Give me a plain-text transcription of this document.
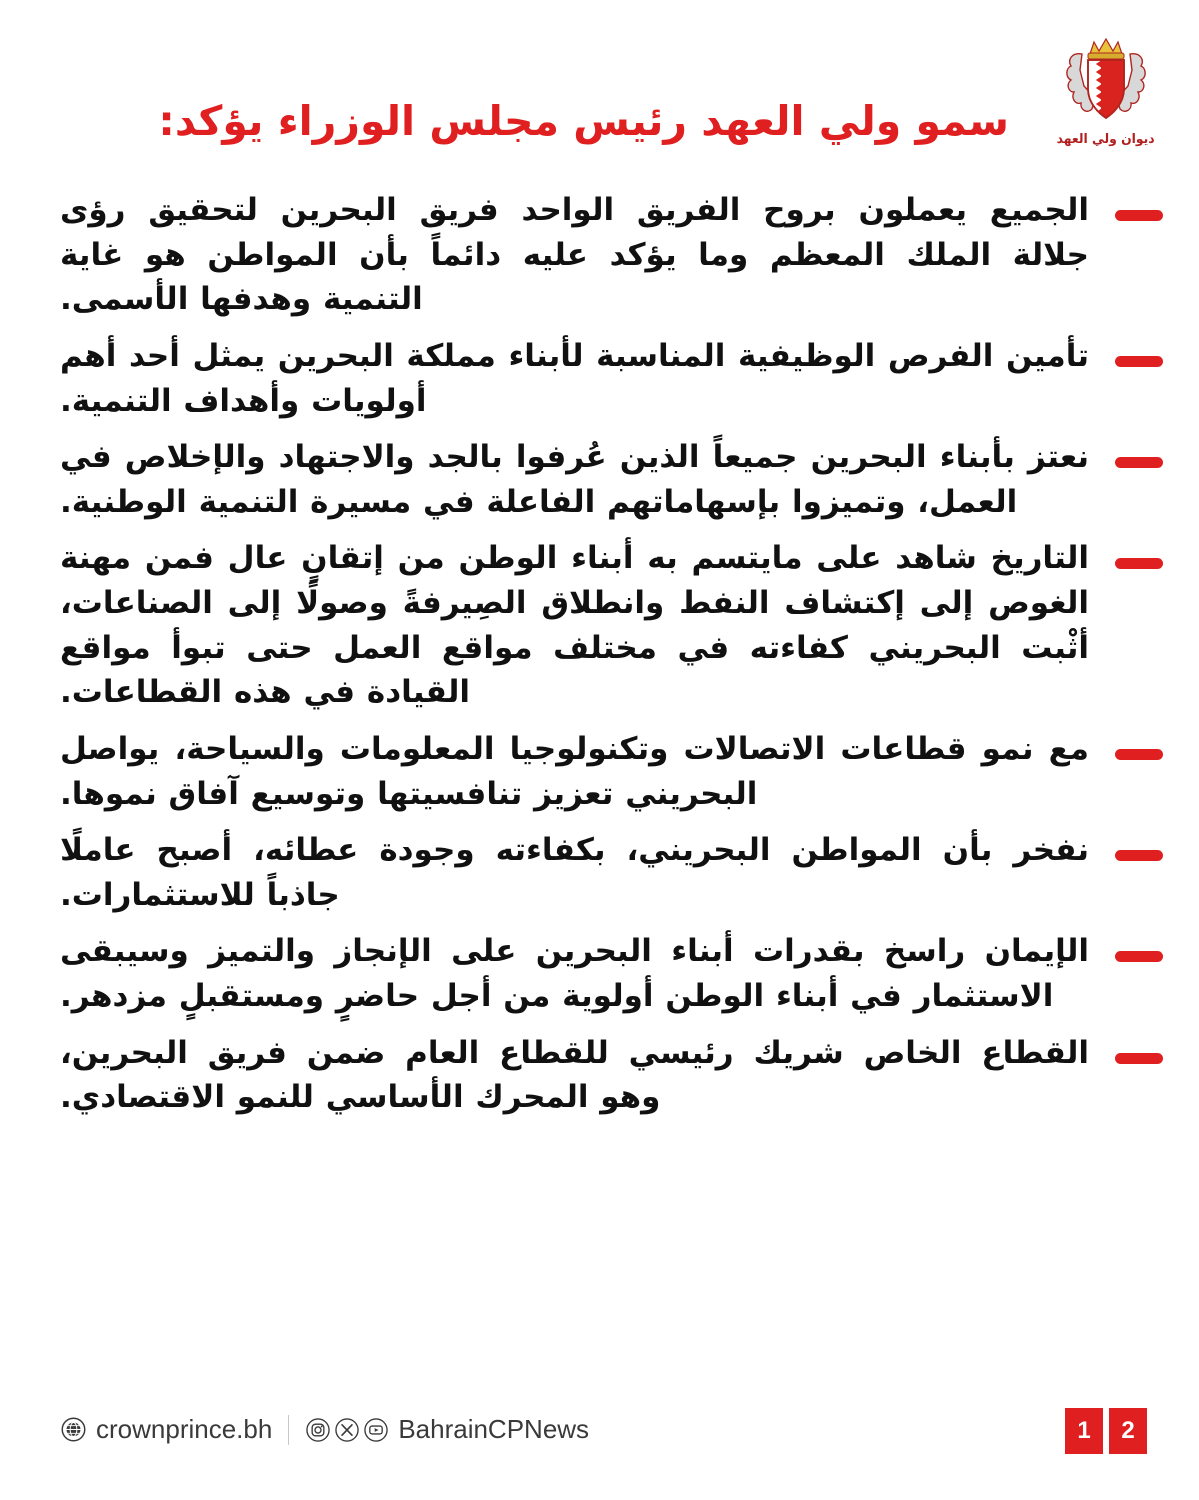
ديوان ولي العهد
سمو ولي العهد رئيس مجلس الوزراء يؤكد:
الجميع يعملون بروح الفريق الواحد فريق البحرين لتحقيق رؤى جلالة الملك المعظم وما يؤكد عليه دائماً بأن المواطن هو غاية التنمية وهدفها الأسمى.
تأمين الفرص الوظيفية المناسبة لأبناء مملكة البحرين يمثل أحد أهم أولويات وأهداف التنمية.
نعتز بأبناء البحرين جميعاً الذين عُرفوا بالجد والاجتهاد والإخلاص في العمل، وتميزوا بإسهاماتهم الفاعلة في مسيرة التنمية الوطنية.
التاريخ شاهد على مايتسم به أبناء الوطن من إتقانٍ عال فمن مهنة الغوص إلى إكتشاف النفط وانطلاق الصِيرفةً وصولًا إلى الصناعات، أثْبت البحريني كفاءته في مختلف مواقع العمل حتى تبوأ مواقع القيادة في هذه القطاعات.
مع نمو قطاعات الاتصالات وتكنولوجيا المعلومات والسياحة، يواصل البحريني تعزيز تنافسيتها وتوسيع آفاق نموها.
نفخر بأن المواطن البحريني، بكفاءته وجودة عطائه، أصبح عاملًا جاذباً للاستثمارات.
الإيمان راسخ بقدرات أبناء البحرين على الإنجاز والتميز وسيبقى الاستثمار في أبناء الوطن أولوية من أجل حاضرٍ ومستقبلٍ مزدهر.
القطاع الخاص شريك رئيسي للقطاع العام ضمن فريق البحرين، وهو المحرك الأساسي للنمو الاقتصادي.
crownprince.bh	BahrainCPNews	1	2
